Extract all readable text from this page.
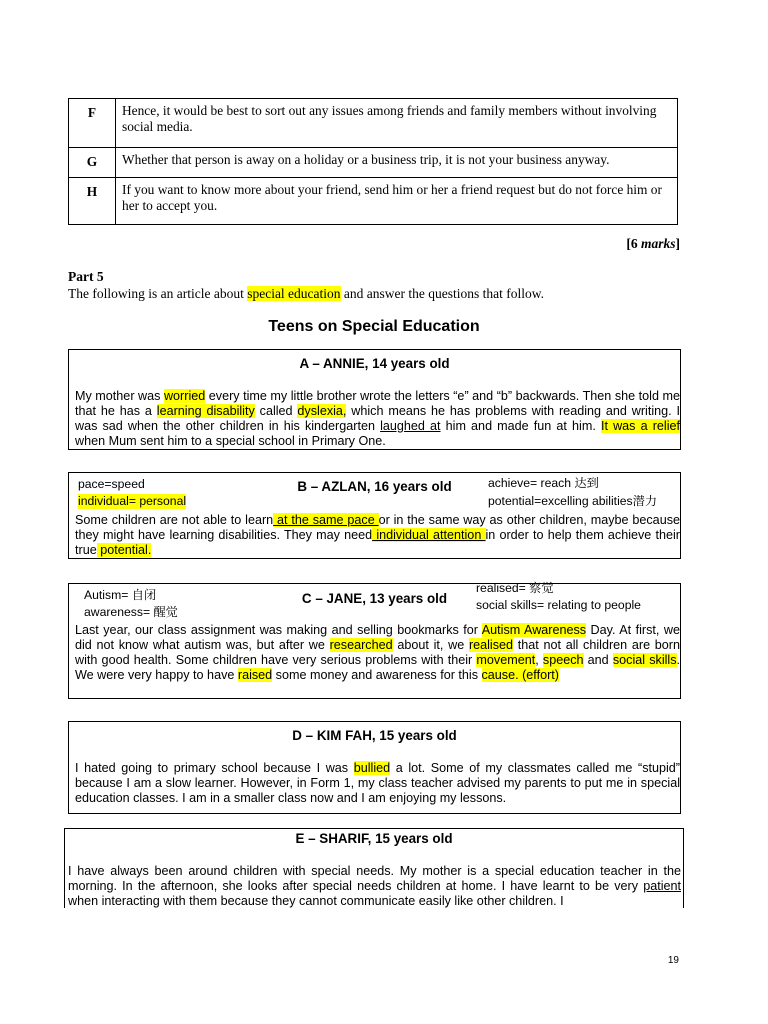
F	Hence, it would be best to sort out any issues among friends and family members without involving social media.
G	Whether that person is away on a holiday or a business trip, it is not your business anyway.
H	If you want to know more about your friend, send him or her a friend request but do not force him or her to accept you.
[6 marks]
Part 5
The following is an article about special education and answer the questions that follow.
Teens on Special Education
A – ANNIE, 14 years old
My mother was worried every time my little brother wrote the letters “e” and “b” backwards. Then she told me that he has a learning disability called dyslexia, which means he has problems with reading and writing. I was sad when the other children in his kindergarten laughed at him and made fun at him. It was a relief when Mum sent him to a special school in Primary One.
pace=speed
individual= personal
B – AZLAN, 16 years old	achieve= reach 达到
potential=excelling abilities潜力
Some children are not able to learn at the same pace or in the same way as other children, maybe because they might have learning disabilities. They may need individual attention in order to help them achieve their true potential.
Autism= 自闭
awareness= 醒觉
C – JANE, 13 years old
realised= 察觉
social skills= relating to people
Last year, our class assignment was making and selling bookmarks for Autism Awareness Day. At first, we did not know what autism was, but after we researched about it, we realised that not all children are born with good health. Some children have very serious problems with their movement, speech and social skills. We were very happy to have raised some money and awareness for this cause. (effort)
D – KIM FAH, 15 years old
I hated going to primary school because I was bullied a lot. Some of my classmates called me “stupid” because I am a slow learner. However, in Form 1, my class teacher advised my parents to put me in special education classes. I am in a smaller class now and I am enjoying my lessons.
E – SHARIF, 15 years old
I have always been around children with special needs. My mother is a special education teacher in the morning. In the afternoon, she looks after special needs children at home. I have learnt to be very patient when interacting with them because they cannot communicate easily like other children. I
19
